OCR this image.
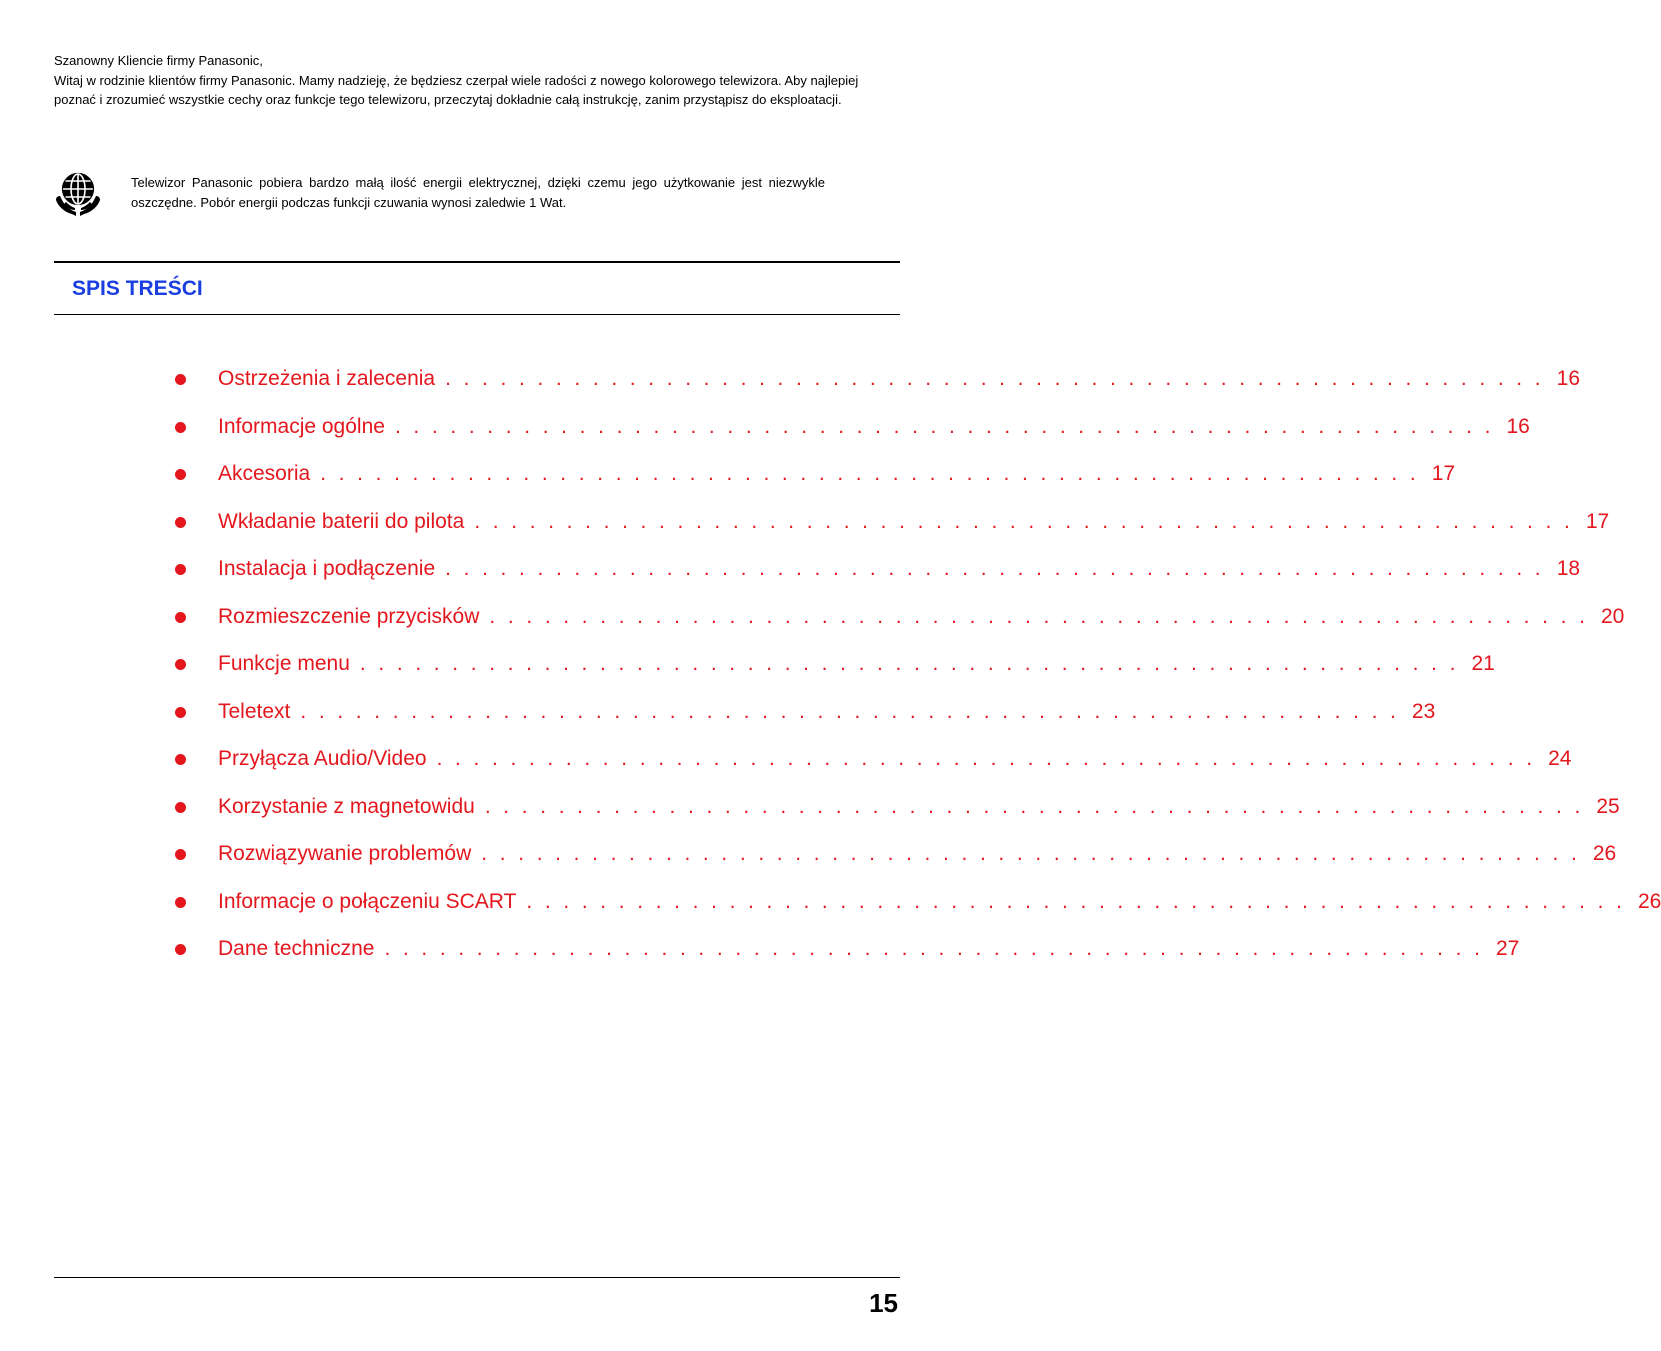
Szanowny Kliencie firmy Panasonic,

Witaj w rodzinie klientów firmy Panasonic. Mamy nadzieję, że będziesz czerpał wiele radości z nowego kolorowego telewizora. Aby najlepiej poznać i zrozumieć wszystkie cechy oraz funkcje tego telewizoru, przeczytaj dokładnie całą instrukcję, zanim przystąpisz do eksploatacji.

Telewizor Panasonic pobiera bardzo małą ilość energii elektrycznej, dzięki czemu jego użytkowanie jest niezwykle oszczędne. Pobór energii podczas funkcji czuwania wynosi zaledwie 1 Wat.
SPIS TREŚCI
Ostrzeżenia i zalecenia . . . . . . . . . . . . . . . . . . . . . . . . . . . . . . . . . . . . . . . . . . . . . . . . . . . . . . . . . . . . 16
Informacje ogólne . . . . . . . . . . . . . . . . . . . . . . . . . . . . . . . . . . . . . . . . . . . . . . . . . . . . . . . . . . . . 16
Akcesoria . . . . . . . . . . . . . . . . . . . . . . . . . . . . . . . . . . . . . . . . . . . . . . . . . . . . . . . . . . . . 17
Wkładanie baterii do pilota . . . . . . . . . . . . . . . . . . . . . . . . . . . . . . . . . . . . . . . . . . . . . . . . . . . . . . . . . . . . 17
Instalacja i podłączenie . . . . . . . . . . . . . . . . . . . . . . . . . . . . . . . . . . . . . . . . . . . . . . . . . . . . . . . . . . . . 18
Rozmieszczenie przycisków . . . . . . . . . . . . . . . . . . . . . . . . . . . . . . . . . . . . . . . . . . . . . . . . . . . . . . . . . . . . 20
Funkcje menu . . . . . . . . . . . . . . . . . . . . . . . . . . . . . . . . . . . . . . . . . . . . . . . . . . . . . . . . . . . . 21
Teletext . . . . . . . . . . . . . . . . . . . . . . . . . . . . . . . . . . . . . . . . . . . . . . . . . . . . . . . . . . . . 23
Przyłącza Audio/Video . . . . . . . . . . . . . . . . . . . . . . . . . . . . . . . . . . . . . . . . . . . . . . . . . . . . . . . . . . . . 24
Korzystanie z magnetowidu . . . . . . . . . . . . . . . . . . . . . . . . . . . . . . . . . . . . . . . . . . . . . . . . . . . . . . . . . . . . 25
Rozwiązywanie problemów . . . . . . . . . . . . . . . . . . . . . . . . . . . . . . . . . . . . . . . . . . . . . . . . . . . . . . . . . . . . 26
Informacje o połączeniu SCART . . . . . . . . . . . . . . . . . . . . . . . . . . . . . . . . . . . . . . . . . . . . . . . . . . . . . . . . . . . . 26
Dane techniczne . . . . . . . . . . . . . . . . . . . . . . . . . . . . . . . . . . . . . . . . . . . . . . . . . . . . . . . . . . . . 27
15
